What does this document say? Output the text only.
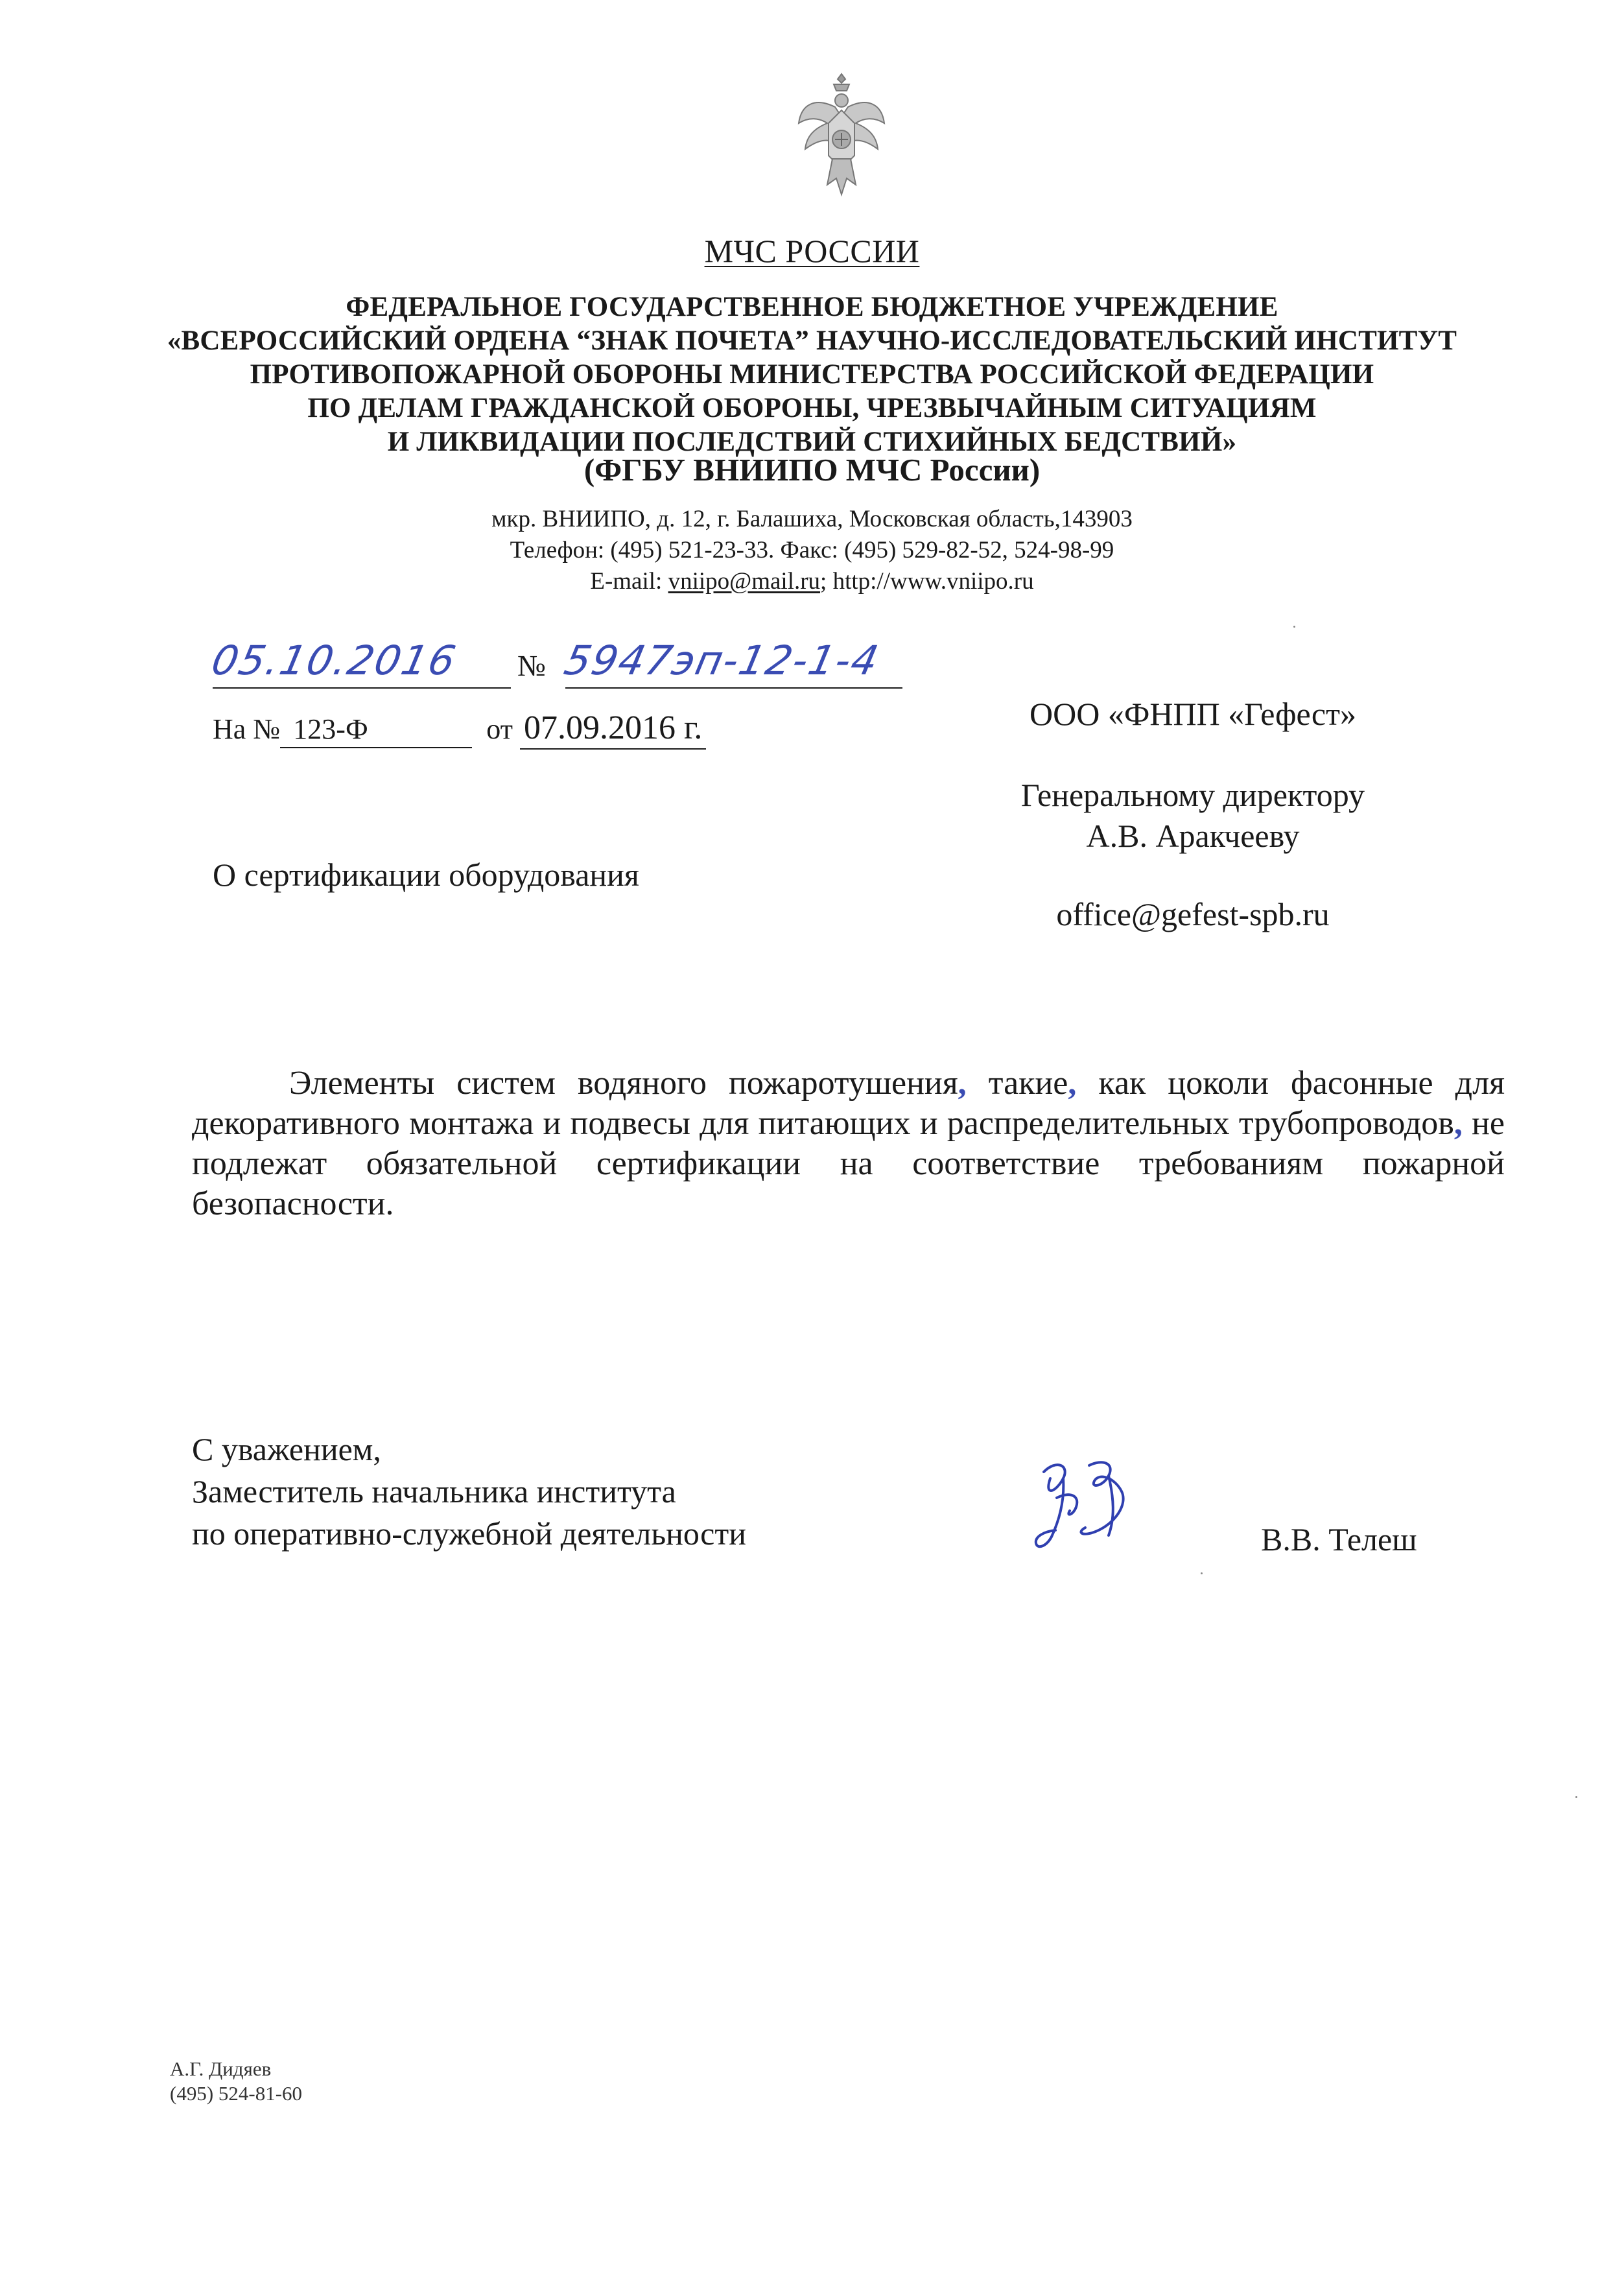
МЧС РОССИИ
ФЕДЕРАЛЬНОЕ ГОСУДАРСТВЕННОЕ БЮДЖЕТНОЕ УЧРЕЖДЕНИЕ
«ВСЕРОССИЙСКИЙ ОРДЕНА “ЗНАК ПОЧЕТА” НАУЧНО-ИССЛЕДОВАТЕЛЬСКИЙ ИНСТИТУТ
ПРОТИВОПОЖАРНОЙ ОБОРОНЫ МИНИСТЕРСТВА РОССИЙСКОЙ ФЕДЕРАЦИИ
ПО ДЕЛАМ ГРАЖДАНСКОЙ ОБОРОНЫ, ЧРЕЗВЫЧАЙНЫМ СИТУАЦИЯМ
И ЛИКВИДАЦИИ ПОСЛЕДСТВИЙ СТИХИЙНЫХ БЕДСТВИЙ»
(ФГБУ ВНИИПО МЧС России)
мкр. ВНИИПО, д. 12, г. Балашиха, Московская область,143903
Телефон: (495) 521-23-33. Факс: (495) 529-82-52, 524-98-99
E-mail: vniipo@mail.ru; http://www.vniipo.ru
05.10.2016	№ 5947эп-12-1-4
На № 123-Ф	от 07.09.2016 г.	ООО «ФНПП «Гефест»
Генеральному директору
А.В. Аракчееву
office@gefest-spb.ru
О сертификации оборудования
Элементы систем водяного пожаротушения, такие, как цоколи фасонные для декоративного монтажа и подвесы для питающих и распределительных трубопроводов, не подлежат обязательной сертификации на соответствие требованиям пожарной безопасности.
С уважением,
Заместитель начальника института
по оперативно-служебной деятельности	В.В. Телеш
А.Г. Дидяев
(495) 524-81-60
